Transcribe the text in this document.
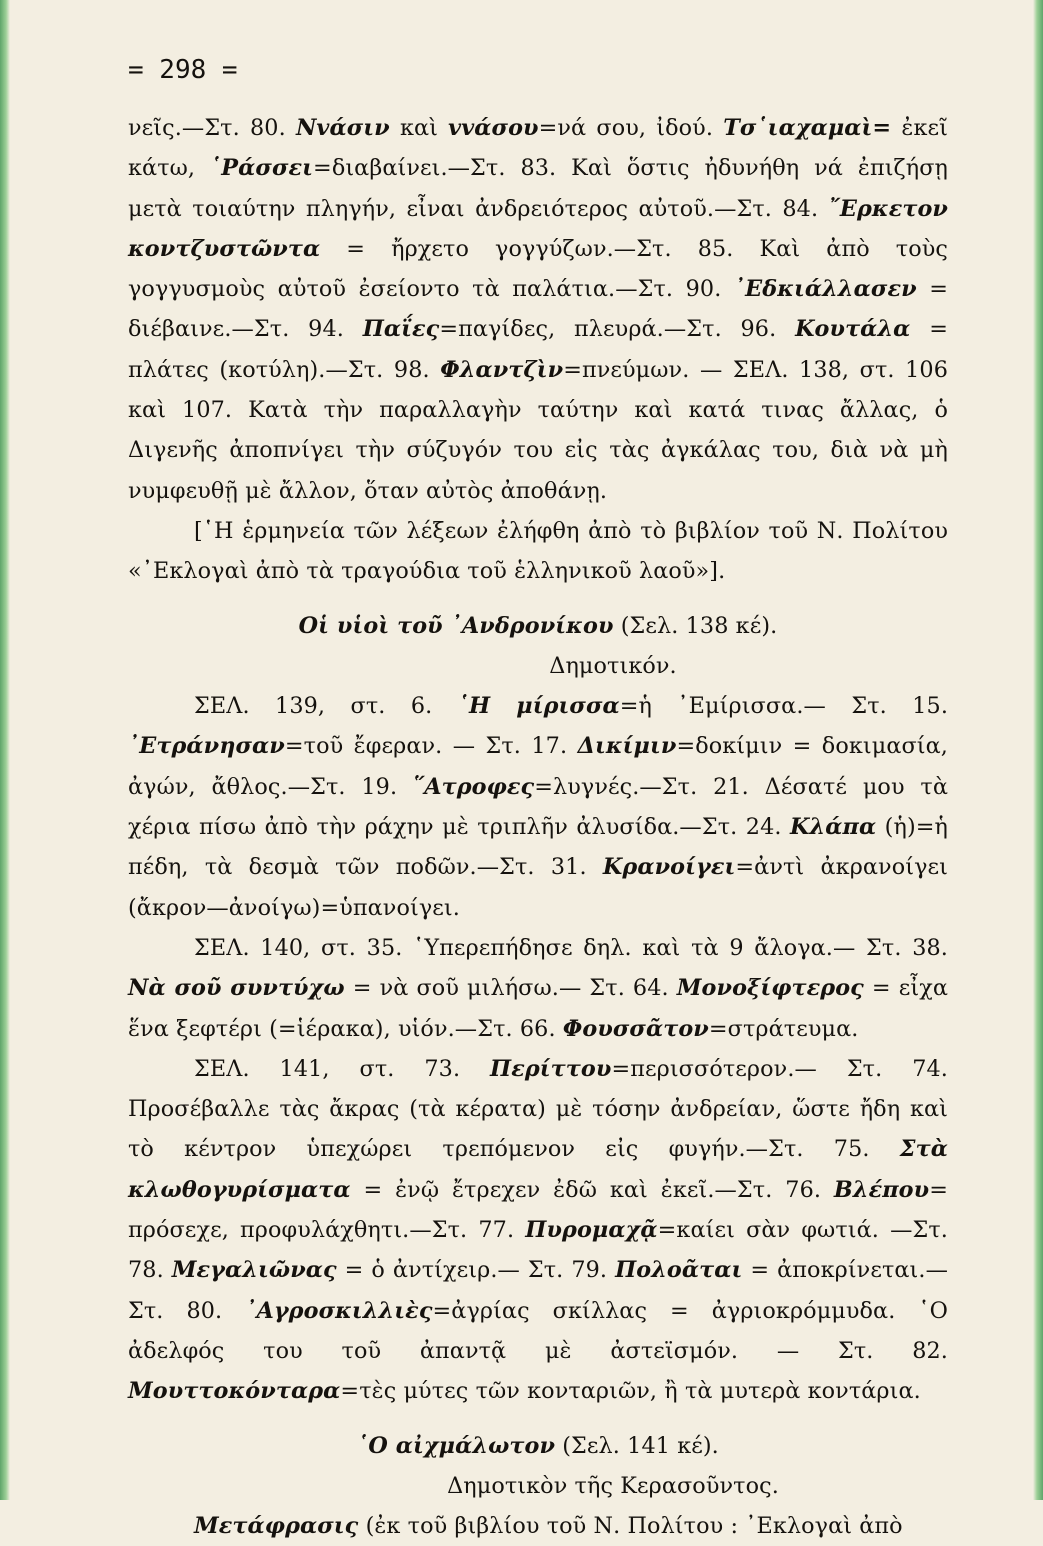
= 298 =

νεῖς.—Στ. 80. Νvάσιν καὶ vvάσου=νά σου, ἰδού. Τσ῾ιαχαμαὶ= ἐκεῖ κάτω, ῾Ράσσει=διαβαίνει.—Στ. 83. Καὶ ὅστις ἠδυνήθη νά ἐπιζήσῃ μετὰ τοιαύτην πληγήν, εἶναι ἀνδρειότερος αὐτοῦ.—Στ. 84. ῎Ερκετον κοντζυστῶντα = ἤρχετο γογγύζων.—Στ. 85. Καὶ ἀπὸ τοὺς γογγυσμοὺς αὐτοῦ ἐσείοντο τὰ παλάτια.—Στ. 90. ᾿Εδκιάλλασεν = διέβαινε.—Στ. 94. Παΐες=παγίδες, πλευρά.—Στ. 96. Κουτάλα = πλάτες (κοτύλη).—Στ. 98. Φλαντζὶν=πνεύμων. — ΣΕΛ. 138, στ. 106 καὶ 107. Κατὰ τὴν παραλλαγὴν ταύτην καὶ κατά τινας ἄλλας, ὁ Διγενῆς ἀποπνίγει τὴν σύζυγόν του εἰς τὰς ἀγκάλας του, διὰ νὰ μὴ νυμφευθῇ μὲ ἄλλον, ὅταν αὐτὸς ἀποθάνῃ.

[῾Η ἑρμηνεία τῶν λέξεων ἐλήφθη ἀπὸ τὸ βιβλίον τοῦ Ν. Πολίτου «᾿Εκλογαὶ ἀπὸ τὰ τραγούδια τοῦ ἑλληνικοῦ λαοῦ»].

Οἱ υἱοὶ τοῦ ᾿Ανδρονίκου (Σελ. 138 κέ).

Δημοτικόν.

ΣΕΛ. 139, στ. 6. ῾Η μίρισσα=ἡ ᾿Εμίρισσα.— Στ. 15. ᾿Ετράνησαν=τοῦ ἔφεραν. — Στ. 17. Δικίμιν=δοκίμιν = δοκιμασία, ἀγών, ἄθλος.—Στ. 19. ῞Ατροφες=λυγνές.—Στ. 21. Δέσατέ μου τὰ χέρια πίσω ἀπὸ τὴν ράχην μὲ τριπλῆν ἀλυσίδα.—Στ. 24. Κλάπα (ἡ)=ἡ πέδη, τὰ δεσμὰ τῶν ποδῶν.—Στ. 31. Κρανοίγει=ἀντὶ ἀκρανοίγει (ἄκρον—ἀνοίγω)=ὑπανοίγει.

ΣΕΛ. 140, στ. 35. ῾Υπερεπήδησε δηλ. καὶ τὰ 9 ἄλογα.— Στ. 38. Νὰ σοῦ συντύχω = νὰ σοῦ μιλήσω.— Στ. 64. Μονοξίφτερος = εἶχα ἕνα ξεφτέρι (=ἱέρακα), υἱόν.—Στ. 66. Φουσσᾶτον=στράτευμα.

ΣΕΛ. 141, στ. 73. Περίττου=περισσότερον.— Στ. 74. Προσέβαλλε τὰς ἄκρας (τὰ κέρατα) μὲ τόσην ἀνδρείαν, ὥστε ἤδη καὶ τὸ κέντρον ὑπεχώρει τρεπόμενον εἰς φυγήν.—Στ. 75. Στὰ κλωθογυρίσματα = ἐνῷ ἔτρεχεν ἐδῶ καὶ ἐκεῖ.—Στ. 76. Βλέπου= πρόσεχε, προφυλάχθητι.—Στ. 77. Πυρομαχᾷ=καίει σὰν φωτιά. —Στ. 78. Μεγαλιῶνας = ὁ ἀντίχειρ.— Στ. 79. Πολοᾶται = ἀποκρίνεται.—Στ. 80. ᾿Αγροσκιλλιὲς=ἀγρίας σκίλλας = ἀγριοκρόμμυδα. ῾Ο ἀδελφός του τοῦ ἀπαντᾷ μὲ ἀστεϊσμόν. — Στ. 82. Μουττοκόνταρα=τὲς μύτες τῶν κονταριῶν, ἢ τὰ μυτερὰ κοντάρια.

῾Ο αἰχμάλωτον (Σελ. 141 κέ).

Δημοτικὸν τῆς Κερασοῦντος.

Μετάφρασις (ἐκ τοῦ βιβλίου τοῦ Ν. Πολίτου : ᾿Εκλογαὶ ἀπὸ
